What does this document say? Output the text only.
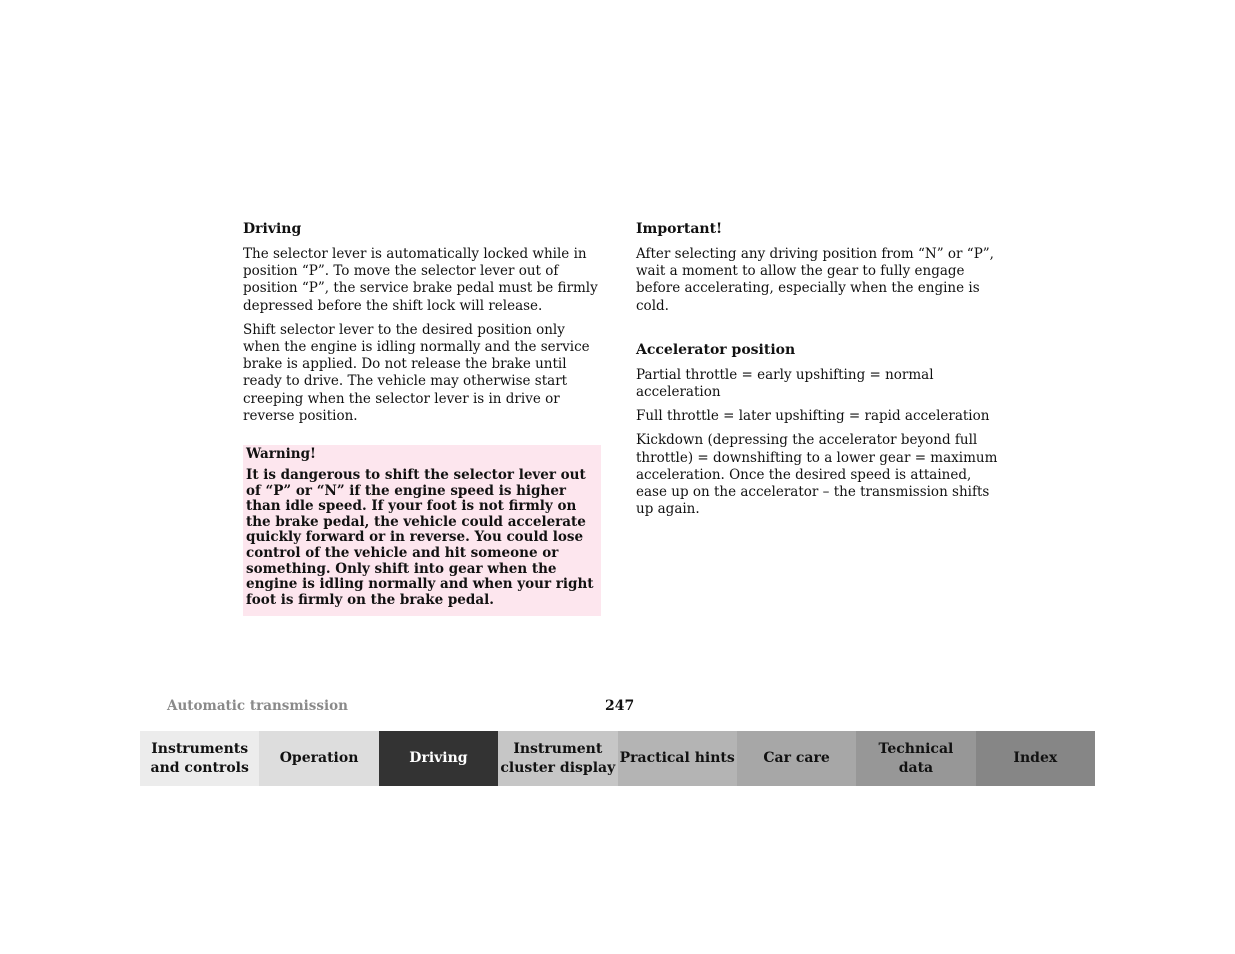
Driving

The selector lever is automatically locked while in position “P”. To move the selector lever out of position “P”, the service brake pedal must be firmly depressed before the shift lock will release.

Shift selector lever to the desired position only when the engine is idling normally and the service brake is applied. Do not release the brake until ready to drive. The vehicle may otherwise start creeping when the selector lever is in drive or reverse position.

Warning!
It is dangerous to shift the selector lever out of “P” or “N” if the engine speed is higher than idle speed. If your foot is not firmly on the brake pedal, the vehicle could accelerate quickly forward or in reverse. You could lose control of the vehicle and hit someone or something. Only shift into gear when the engine is idling normally and when your right foot is firmly on the brake pedal.
Important!

After selecting any driving position from “N” or “P”, wait a moment to allow the gear to fully engage before accelerating, especially when the engine is cold.

Accelerator position

Partial throttle = early upshifting = normal acceleration

Full throttle = later upshifting = rapid acceleration

Kickdown (depressing the accelerator beyond full throttle) = downshifting to a lower gear = maximum acceleration. Once the desired speed is attained, ease up on the accelerator – the transmission shifts up again.

Automatic transmission	247
Instruments
and controls
Operation	Driving
Instrument
cluster display
Practical hints	Car care
Technical
data
Index
